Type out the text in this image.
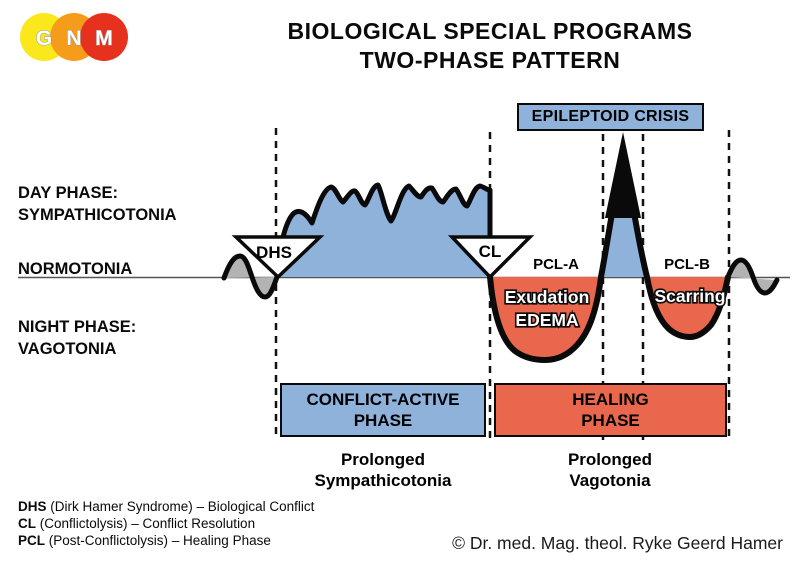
Exudation
EDEMA
Scarring
G N M	BIOLOGICAL SPECIAL PROGRAMS
TWO-PHASE PATTERN
DAY PHASE:
SYMPATHICOTONIA
NORMOTONIA
NIGHT PHASE:
VAGOTONIA
EPILEPTOID CRISIS
DHS	CL
PCL-A	PCL-B
CONFLICT-ACTIVE
PHASE
HEALING
PHASE
Prolonged
Sympathicotonia
Prolonged
Vagotonia
DHS (Dirk Hamer Syndrome) – Biological Conflict
CL (Conflictolysis) – Conflict Resolution
PCL (Post-Conflictolysis) – Healing Phase	© Dr. med. Mag. theol. Ryke Geerd Hamer
